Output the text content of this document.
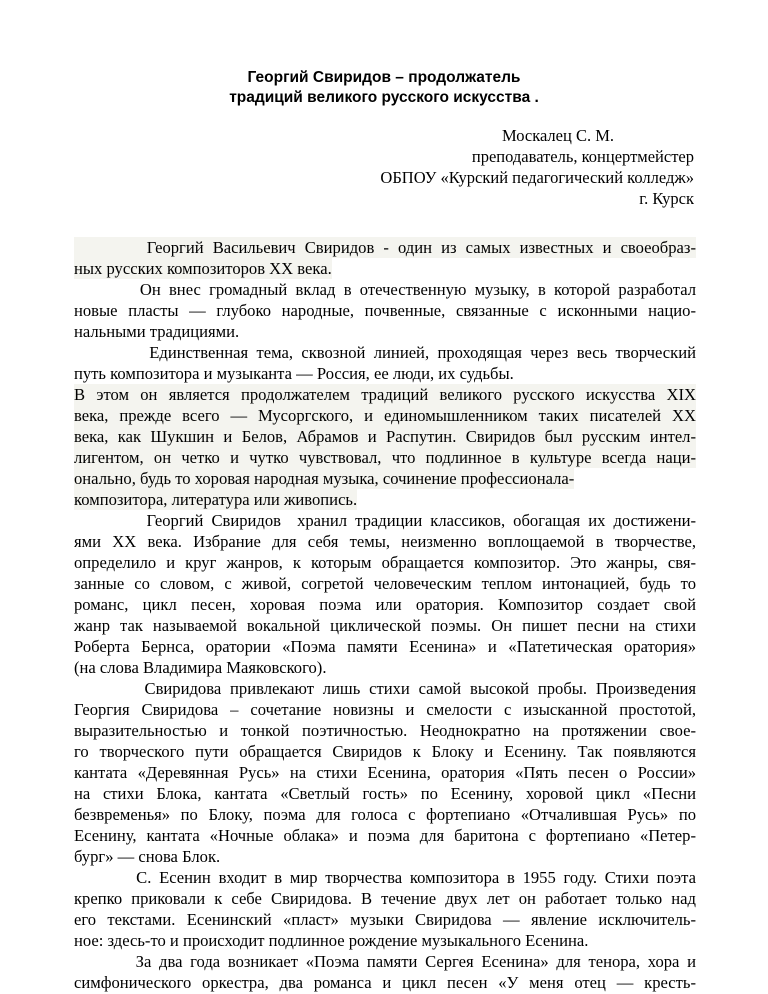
Георгий Свиридов – продолжатель
традиций великого русского искусства .
Москалец С. М.
преподаватель, концертмейстер
ОБПОУ «Курский педагогический колледж»
г. Курск
Георгий Васильевич Свиридов - один из самых известных и своеобраз-
ных русских композиторов XX века.
Он внес громадный вклад в отечественную музыку, в которой разработал
новые пласты — глубоко народные, почвенные, связанные с исконными нацио-
нальными традициями.
Единственная тема, сквозной линией, проходящая через весь творческий
путь композитора и музыканта — Россия, ее люди, их судьбы.
В этом он является продолжателем традиций великого русского искусства XIX
века, прежде всего — Мусоргского, и единомышленником таких писателей XX
века, как Шукшин и Белов, Абрамов и Распутин. Свиридов был русским интел-
лигентом, он четко и чутко чувствовал, что подлинное в культуре всегда наци-
онально, будь то хоровая народная музыка, сочинение профессионала-
композитора, литература или живопись.
Георгий Свиридов  хранил традиции классиков, обогащая их достижени-
ями XX века. Избрание для себя темы, неизменно воплощаемой в творчестве,
определило и круг жанров, к которым обращается композитор. Это жанры, свя-
занные со словом, с живой, согретой человеческим теплом интонацией, будь то
романс, цикл песен, хоровая поэма или оратория. Композитор создает свой
жанр так называемой вокальной циклической поэмы. Он пишет песни на стихи
Роберта Бернса, оратории «Поэма памяти Есенина» и «Патетическая оратория»
(на слова Владимира Маяковского).
Свиридова привлекают лишь стихи самой высокой пробы. Произведения
Георгия Свиридова – сочетание новизны и смелости с изысканной простотой,
выразительностью и тонкой поэтичностью. Неоднократно на протяжении свое-
го творческого пути обращается Свиридов к Блоку и Есенину. Так появляются
кантата «Деревянная Русь» на стихи Есенина, оратория «Пять песен о России»
на стихи Блока, кантата «Светлый гость» по Есенину, хоровой цикл «Песни
безвременья» по Блоку, поэма для голоса с фортепиано «Отчалившая Русь» по
Есенину, кантата «Ночные облака» и поэма для баритона с фортепиано «Петер-
бург» — снова Блок.
С. Есенин входит в мир творчества композитора в 1955 году. Стихи поэта
крепко приковали к себе Свиридова. В течение двух лет он работает только над
его текстами. Есенинский «пласт» музыки Свиридова — явление исключитель-
ное: здесь-то и происходит подлинное рождение музыкального Есенина.
За два года возникает «Поэма памяти Сергея Есенина» для тенора, хора и
симфонического оркестра, два романса и цикл песен «У меня отец — кресть-
